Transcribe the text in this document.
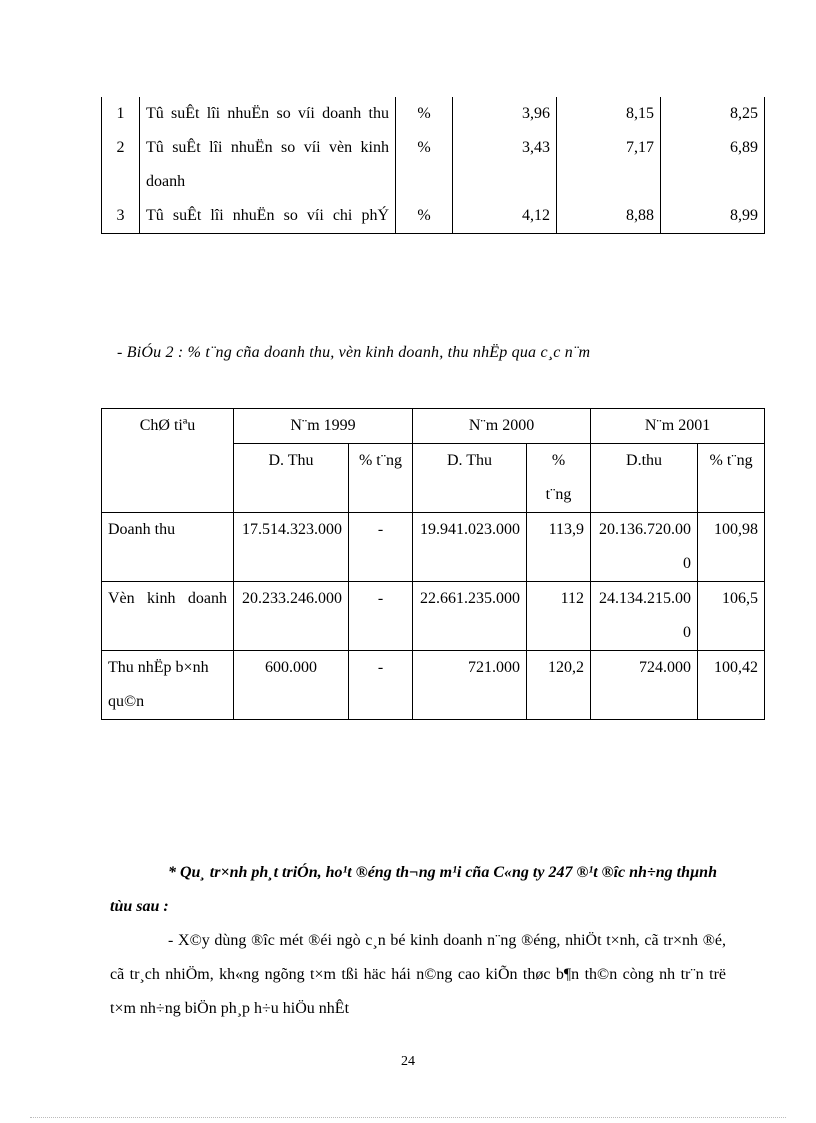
1	Tû suÊt lîi nhuËn so víi doanh thu	%	3,96	8,15	8,25
2	Tû suÊt lîi nhuËn so víi vèn kinh doanh	%	3,43	7,17	6,89
3	Tû suÊt lîi nhuËn so víi chi phÝ	%	4,12	8,88	8,99
- BiÓu 2 : % t¨ng cña doanh thu, vèn kinh doanh, thu nhËp qua c¸c n¨m
ChØ tiªu	N¨m 1999		N¨m 2000		N¨m 2001	
	D. Thu	% t¨ng	D. Thu	% t¨ng	D.thu	% t¨ng
Doanh thu	17.514.323.000	-	19.941.023.000	113,9	20.136.720.000	100,98
Vèn kinh doanh	20.233.246.000	-	22.661.235.000	112	24.134.215.000	106,5
Thu nhËp b×nh qu©n	600.000	-	721.000	120,2	724.000	100,42
* Qu¸ tr×nh ph¸t triÓn, ho¹t ®éng th¬ng m¹i cña C«ng ty 247 ®¹t ®îc nh÷ng thµnh tùu sau :
- X©y dùng ®îc mét ®éi ngò c¸n bé kinh doanh n¨ng ®éng, nhiÖt t×nh, cã tr×nh ®é, cã tr¸ch nhiÖm, kh«ng ngõng t×m tßi häc hái n©ng cao kiÕn thøc b¶n th©n còng nh tr¨n trë t×m nh÷ng biÖn ph¸p h÷u hiÖu nhÊt
24
